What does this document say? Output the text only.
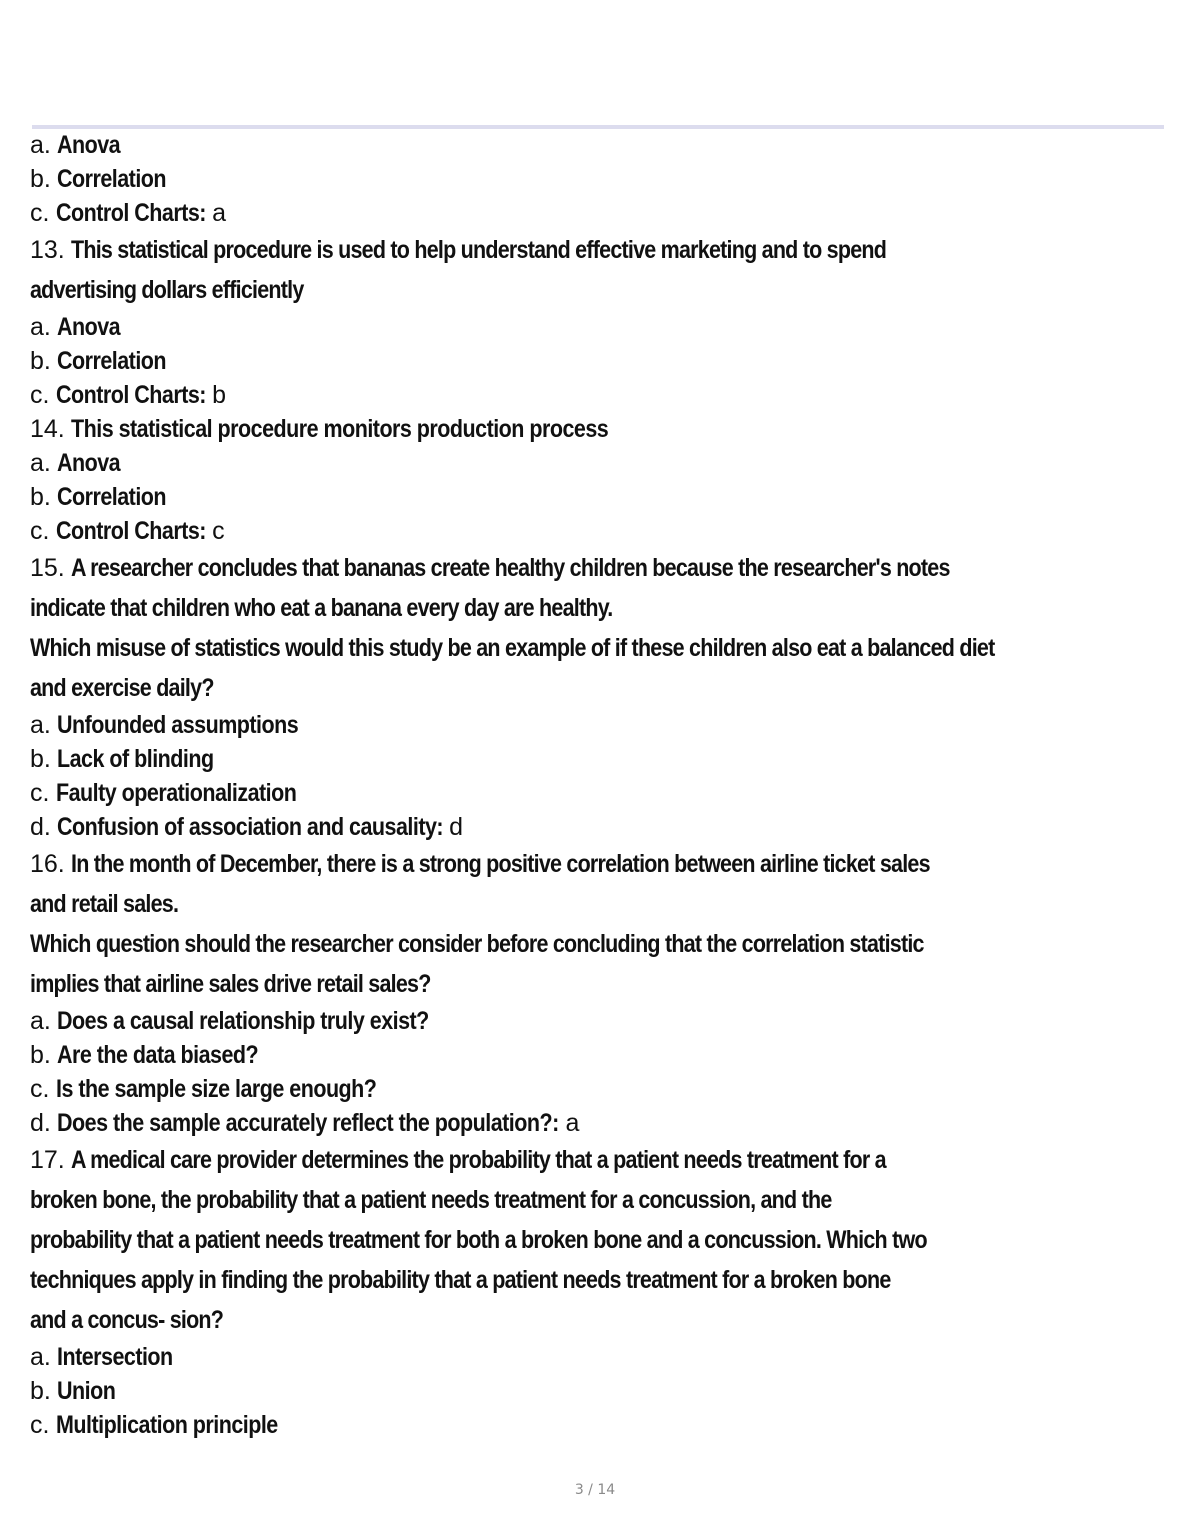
a. Anova
b. Correlation
c. Control Charts: a
13. This statistical procedure is used to help understand effective marketing and to spend
advertising dollars efficiently
a. Anova
b. Correlation
c. Control Charts: b
14. This statistical procedure monitors production process
a. Anova
b. Correlation
c. Control Charts: c
15. A researcher concludes that bananas create healthy children because the researcher's notes
indicate that children who eat a banana every day are healthy.
Which misuse of statistics would this study be an example of if these children also eat a balanced diet
and exercise daily?
a. Unfounded assumptions
b. Lack of blinding
c. Faulty operationalization
d. Confusion of association and causality: d
16. In the month of December, there is a strong positive correlation between airline ticket sales
and retail sales.
Which question should the researcher consider before concluding that the correlation statistic
implies that airline sales drive retail sales?
a. Does a causal relationship truly exist?
b. Are the data biased?
c. Is the sample size large enough?
d. Does the sample accurately reflect the population?: a
17. A medical care provider determines the probability that a patient needs treatment for a
broken bone, the probability that a patient needs treatment for a concussion, and the
probability that a patient needs treatment for both a broken bone and a concussion. Which two
techniques apply in finding the probability that a patient needs treatment for a broken bone
and a concus- sion?
a. Intersection
b. Union
c. Multiplication principle
3 / 14
